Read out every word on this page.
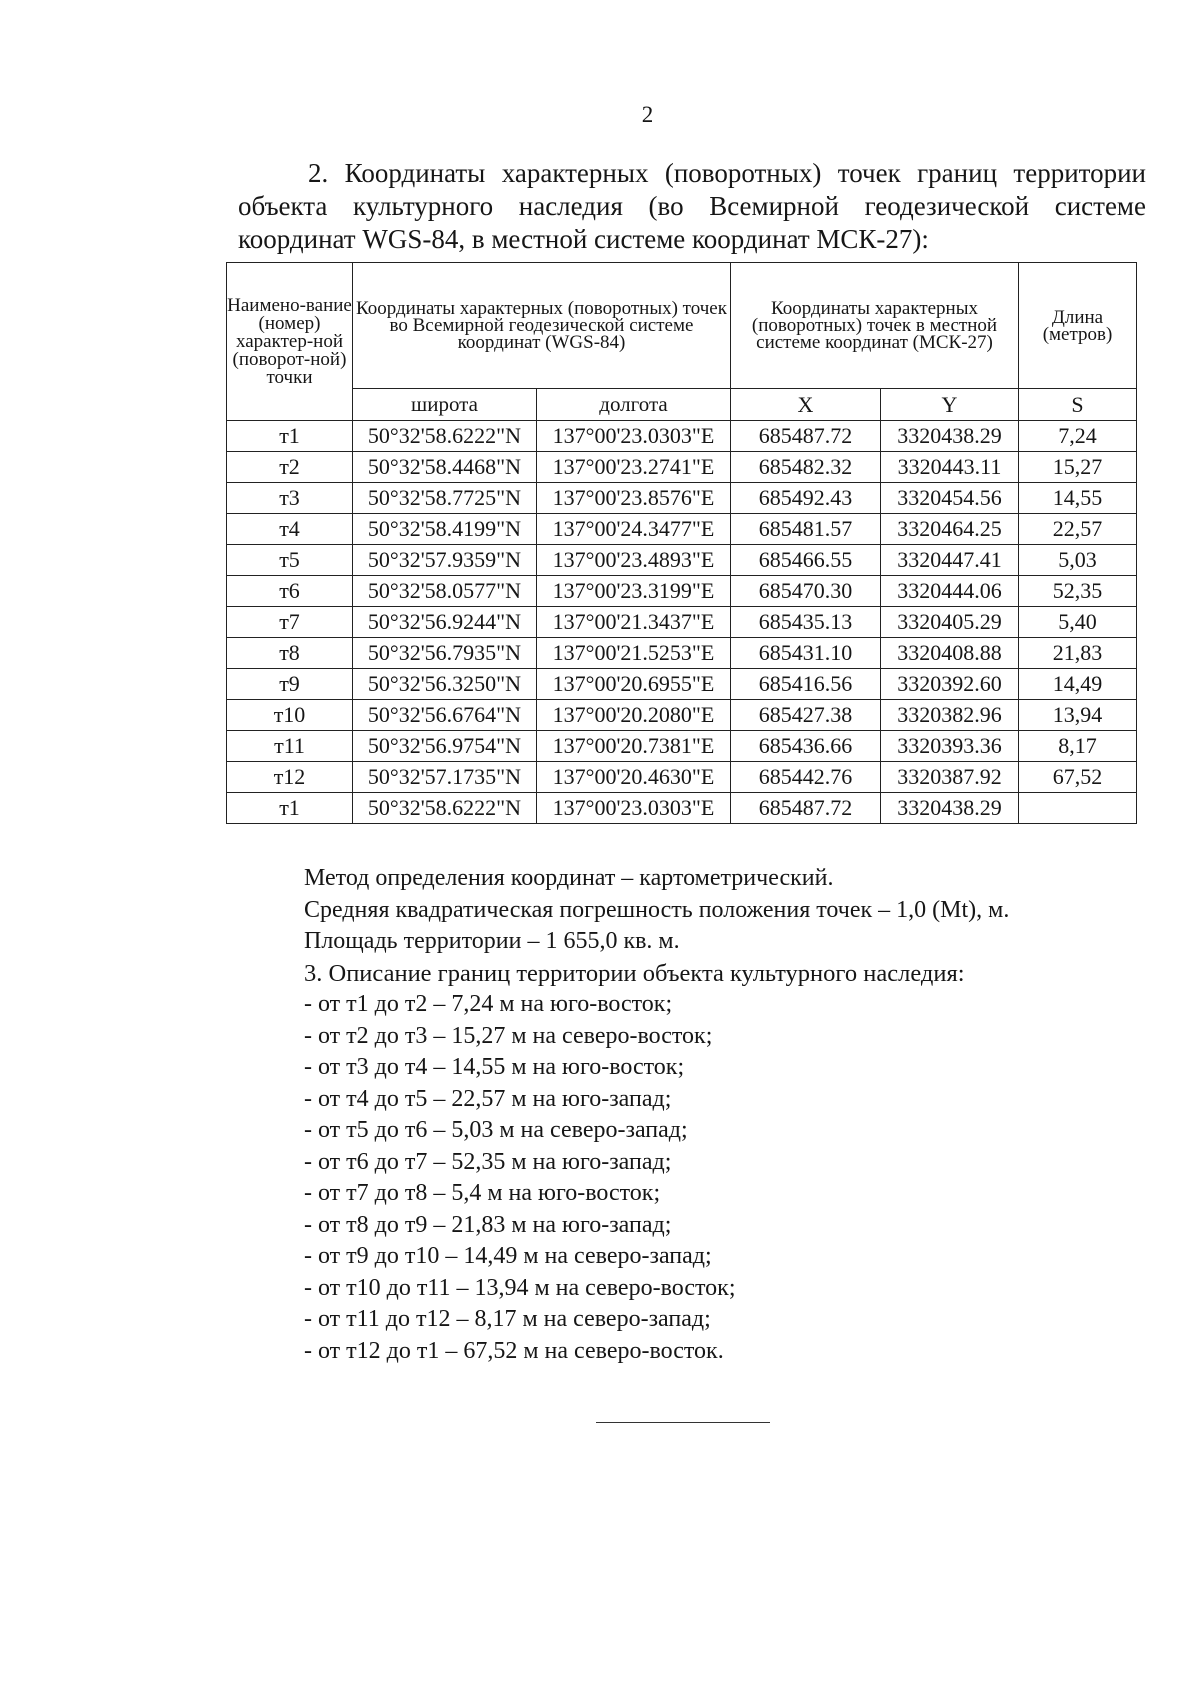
2

2. Координаты характерных (поворотных) точек границ территории объекта культурного наследия (во Всемирной геодезической системе координат WGS-84, в местной системе координат МСК-27):

Наимено-вание (номер) характер-ной (поворот-ной) точки	Координаты характерных (поворотных) точек во Всемирной геодезической системе координат (WGS-84)		Координаты характерных (поворотных) точек в местной системе координат (МСК-27)		Длина (метров)
	широта	долгота	X	Y	S
т1	50°32'58.6222"N	137°00'23.0303"E	685487.72	3320438.29	7,24
т2	50°32'58.4468"N	137°00'23.2741"E	685482.32	3320443.11	15,27
т3	50°32'58.7725"N	137°00'23.8576"E	685492.43	3320454.56	14,55
т4	50°32'58.4199"N	137°00'24.3477"E	685481.57	3320464.25	22,57
т5	50°32'57.9359"N	137°00'23.4893"E	685466.55	3320447.41	5,03
т6	50°32'58.0577"N	137°00'23.3199"E	685470.30	3320444.06	52,35
т7	50°32'56.9244"N	137°00'21.3437"E	685435.13	3320405.29	5,40
т8	50°32'56.7935"N	137°00'21.5253"E	685431.10	3320408.88	21,83
т9	50°32'56.3250"N	137°00'20.6955"E	685416.56	3320392.60	14,49
т10	50°32'56.6764"N	137°00'20.2080"E	685427.38	3320382.96	13,94
т11	50°32'56.9754"N	137°00'20.7381"E	685436.66	3320393.36	8,17
т12	50°32'57.1735"N	137°00'20.4630"E	685442.76	3320387.92	67,52
т1	50°32'58.6222"N	137°00'23.0303"E	685487.72	3320438.29	
Метод определения координат – картометрический.
Средняя квадратическая погрешность положения точек – 1,0 (Mt), м.
Площадь территории – 1 655,0 кв. м.
3. Описание границ территории объекта культурного наследия:
- от т1 до т2 – 7,24 м на юго-восток;
- от т2 до т3 – 15,27 м на северо-восток;
- от т3 до т4 – 14,55 м на юго-восток;
- от т4 до т5 – 22,57 м на юго-запад;
- от т5 до т6 – 5,03 м на северо-запад;
- от т6 до т7 – 52,35 м на юго-запад;
- от т7 до т8 – 5,4 м на юго-восток;
- от т8 до т9 – 21,83 м на юго-запад;
- от т9 до т10 – 14,49 м на северо-запад;
- от т10 до т11 – 13,94 м на северо-восток;
- от т11 до т12 – 8,17 м на северо-запад;
- от т12 до т1 – 67,52 м на северо-восток.
